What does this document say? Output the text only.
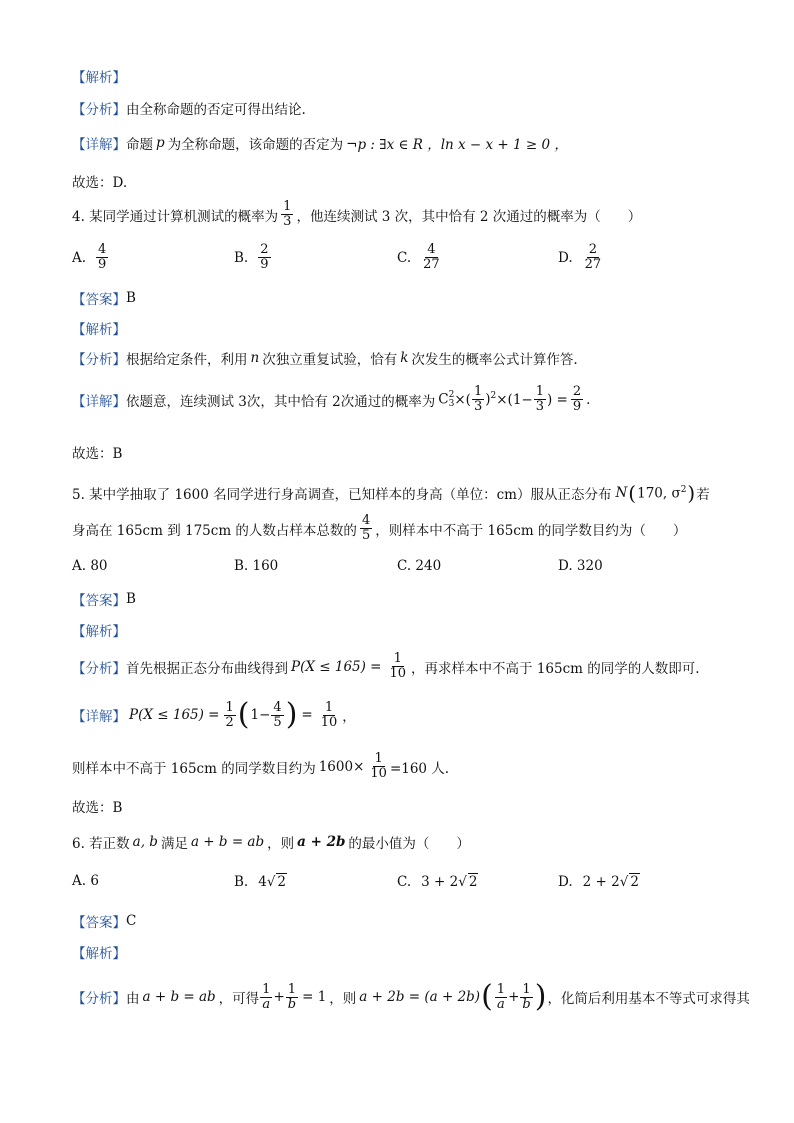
【解析】
【分析】 由全称命题的否定可得出结论.
【详解】 命题 p 为全称命题，该命题的否定为 ¬p : ∃x ∈ R ，ln x − x + 1 ≥ 0 ，
故选：D.
4. 某同学通过计算机测试的概率为 $\frac{1}{3}$ ，他连续测试 3 次，其中恰有 2 次通过的概率为（　　）
A. $\frac{4}{9}$	B. $\frac{2}{9}$	C. $\frac{4}{27}$	D. $\frac{2}{27}$
【答案】 B
【解析】
【分析】 根据给定条件，利用 n 次独立重复试验，恰有 k 次发生的概率公式计算作答.
【详解】 依题意，连续测试 3次，其中恰有 2次通过的概率为 C 2
3 ×( $\frac{1}{3} )^2 \times(1- \frac{1}{3}$ ) = $\frac{2}{9}$ .
故选：B
5. 某中学抽取了 1600 名同学进行身高调查，已知样本的身高（单位：cm）服从正态分布 N ( 170, $\sigma^2$ ) 若
身高在 165cm 到 175cm 的人数占样本总数的 $\frac{4}{5}$ ，则样本中不高于 165cm 的同学数目约为（　　）
A. 80	B. 160	C. 240	D. 320
【答案】 B
【解析】
【分析】 首先根据正态分布曲线得到 $P(X \le 165) = \frac{1}{10}$ ，再求样本中不高于 165cm 的同学的人数即可.
【详解】 $P(X \le 165) = \frac{1}{2}$ ( $1- \frac{4}{5}$ ) = $\frac{1}{10}$ ，
则样本中不高于 165cm 的同学数目约为 $1600\times \frac{1}{10} =160$ 人.
故选：B
6. 若正数 a, b 满足 a + b = ab ，则 a + 2b 的最小值为（　　）
A. 6	B. 4 √ 2	C. 3 + 2 √ 2	D. 2 + 2 √ 2
【答案】 C
【解析】
【分析】 由 a + b = ab ，可得 $\frac{1}{a} + \frac{1}{b} = 1$ ，则 a + 2b = (a + 2b) ( $\frac{1}{a} + \frac{1}{b}$ ) ，化简后利用基本不等式可求得其
